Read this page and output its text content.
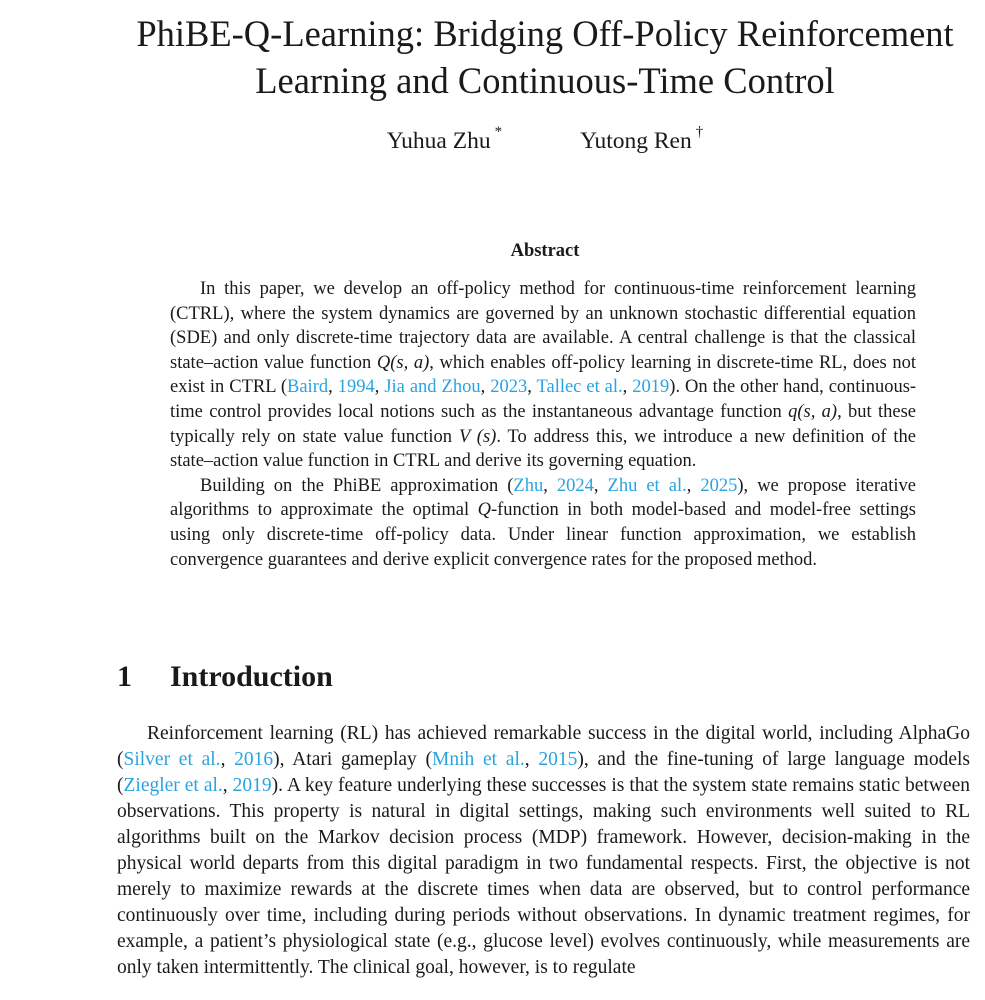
PhiBE-Q-Learning: Bridging Off-Policy Reinforcement
Learning and Continuous-Time Control
Yuhua Zhu *	Yutong Ren †
Abstract

In this paper, we develop an off-policy method for continuous-time reinforcement learning (CTRL), where the system dynamics are governed by an unknown stochastic differential equation (SDE) and only discrete-time trajectory data are available. A central challenge is that the classical state–action value function Q(s, a), which enables off-policy learning in discrete-time RL, does not exist in CTRL (Baird, 1994, Jia and Zhou, 2023, Tallec et al., 2019). On the other hand, continuous-time control provides local notions such as the instantaneous advantage function q(s, a), but these typically rely on state value function V (s). To address this, we introduce a new definition of the state–action value function in CTRL and derive its governing equation.

Building on the PhiBE approximation (Zhu, 2024, Zhu et al., 2025), we propose iterative algorithms to approximate the optimal Q-function in both model-based and model-free settings using only discrete-time off-policy data. Under linear function approximation, we establish convergence guarantees and derive explicit convergence rates for the proposed method.

1 Introduction

Reinforcement learning (RL) has achieved remarkable success in the digital world, including AlphaGo (Silver et al., 2016), Atari gameplay (Mnih et al., 2015), and the fine-tuning of large language models (Ziegler et al., 2019). A key feature underlying these successes is that the system state remains static between observations. This property is natural in digital settings, making such environments well suited to RL algorithms built on the Markov decision process (MDP) framework. However, decision-making in the physical world departs from this digital paradigm in two fundamental respects. First, the objective is not merely to maximize rewards at the discrete times when data are observed, but to control performance continuously over time, including during periods without observations. In dynamic treatment regimes, for example, a patient’s physiological state (e.g., glucose level) evolves continuously, while measurements are only taken intermittently. The clinical goal, however, is to regulate
